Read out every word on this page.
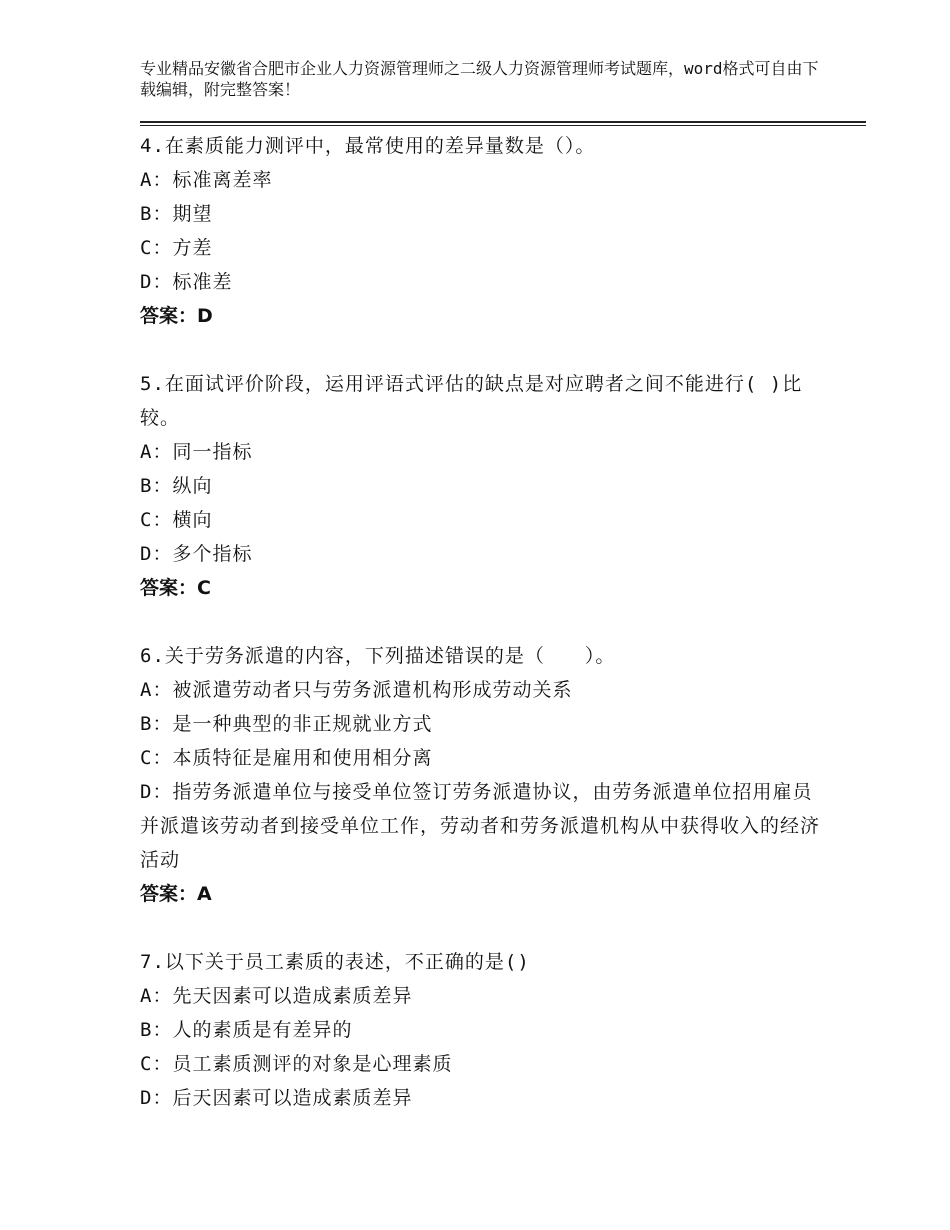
专业精品安徽省合肥市企业人力资源管理师之二级人力资源管理师考试题库，word格式可自由下载编辑，附完整答案！
4.在素质能力测评中，最常使用的差异量数是（）。
A：标准离差率
B：期望
C：方差
D：标准差
答案：D
5.在面试评价阶段，运用评语式评估的缺点是对应聘者之间不能进行( )比较。
A：同一指标
B：纵向
C：横向
D：多个指标
答案：C
6.关于劳务派遣的内容，下列描述错误的是（　　）。
A：被派遣劳动者只与劳务派遣机构形成劳动关系
B：是一种典型的非正规就业方式
C：本质特征是雇用和使用相分离
D：指劳务派遣单位与接受单位签订劳务派遣协议，由劳务派遣单位招用雇员并派遣该劳动者到接受单位工作，劳动者和劳务派遣机构从中获得收入的经济活动
答案：A
7.以下关于员工素质的表述，不正确的是()
A：先天因素可以造成素质差异
B：人的素质是有差异的
C：员工素质测评的对象是心理素质
D：后天因素可以造成素质差异
